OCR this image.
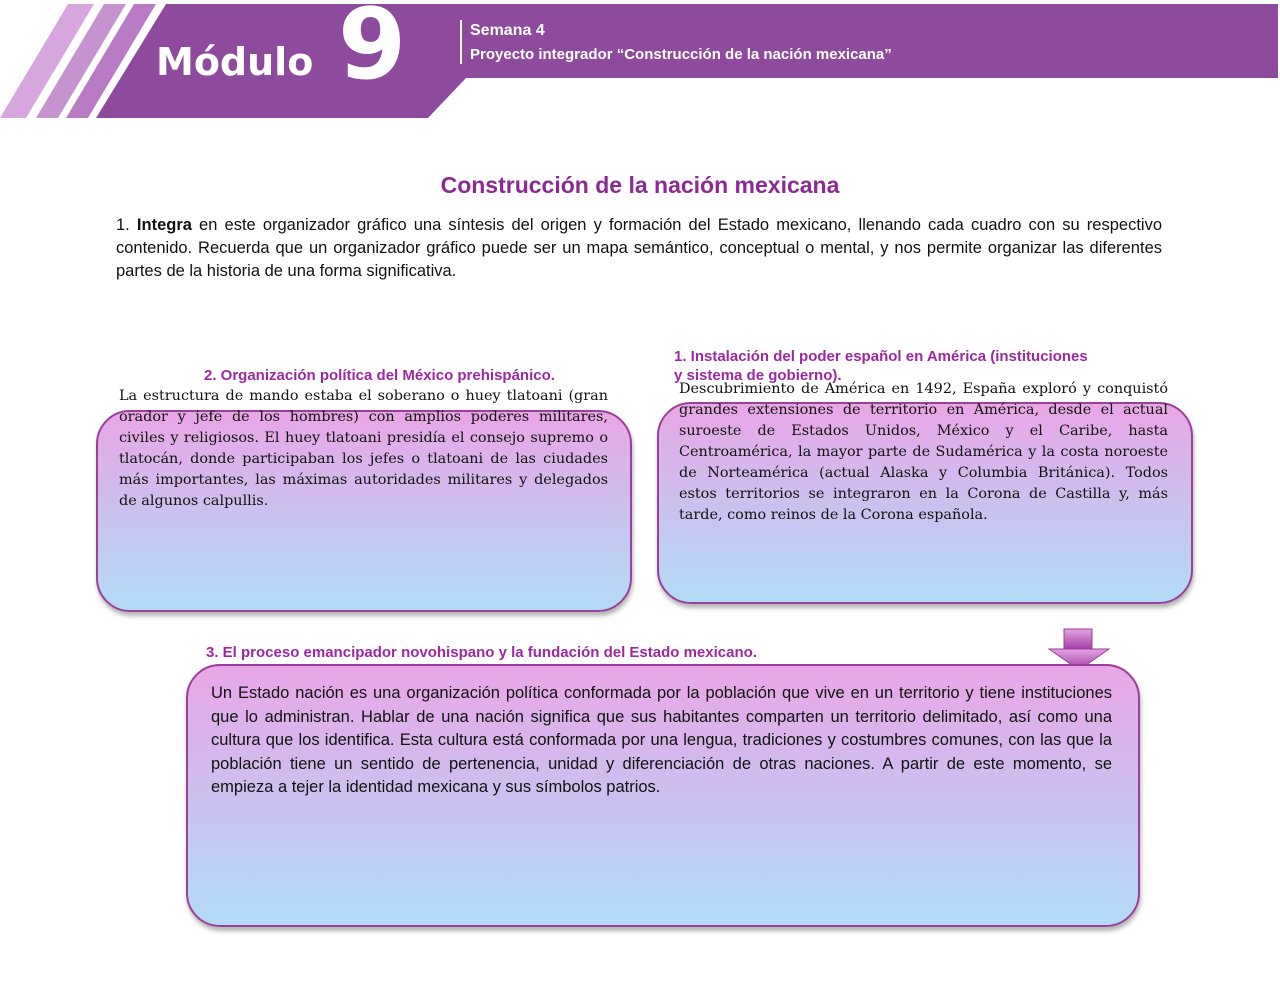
Módulo 9	Semana 4
Proyecto integrador “Construcción de la nación mexicana”
Construcción de la nación mexicana
1. Integra en este organizador gráfico una síntesis del origen y formación del Estado mexicano, llenando cada cuadro con su respectivo contenido. Recuerda que un organizador gráfico puede ser un mapa semántico, conceptual o mental, y nos permite organizar las diferentes partes de la historia de una forma significativa.
2. Organización política del México prehispánico.
La estructura de mando estaba el soberano o huey tlatoani (gran orador y jefe de los hombres) con amplios poderes militares, civiles y religiosos. El huey tlatoani presidía el consejo supremo o tlatocán, donde participaban los jefes o tlatoani de las ciudades más importantes, las máximas autoridades militares y delegados de algunos calpullis.
1. Instalación del poder español en América (instituciones
y sistema de gobierno).
Descubrimiento de América en 1492, España exploró y conquistó grandes extensiones de territorio en América, desde el actual suroeste de Estados Unidos, México y el Caribe, hasta Centroamérica, la mayor parte de Sudamérica y la costa noroeste de Norteamérica (actual Alaska y Columbia Británica). Todos estos territorios se integraron en la Corona de Castilla y, más tarde, como reinos de la Corona española.
3. El proceso emancipador novohispano y la fundación del Estado mexicano.
Un Estado nación es una organización política conformada por la población que vive en un territorio y tiene instituciones que lo administran. Hablar de una nación significa que sus habitantes comparten un territorio delimitado, así como una cultura que los identifica. Esta cultura está conformada por una lengua, tradiciones y costumbres comunes, con las que la población tiene un sentido de pertenencia, unidad y diferenciación de otras naciones. A partir de este momento, se empieza a tejer la identidad mexicana y sus símbolos patrios.
